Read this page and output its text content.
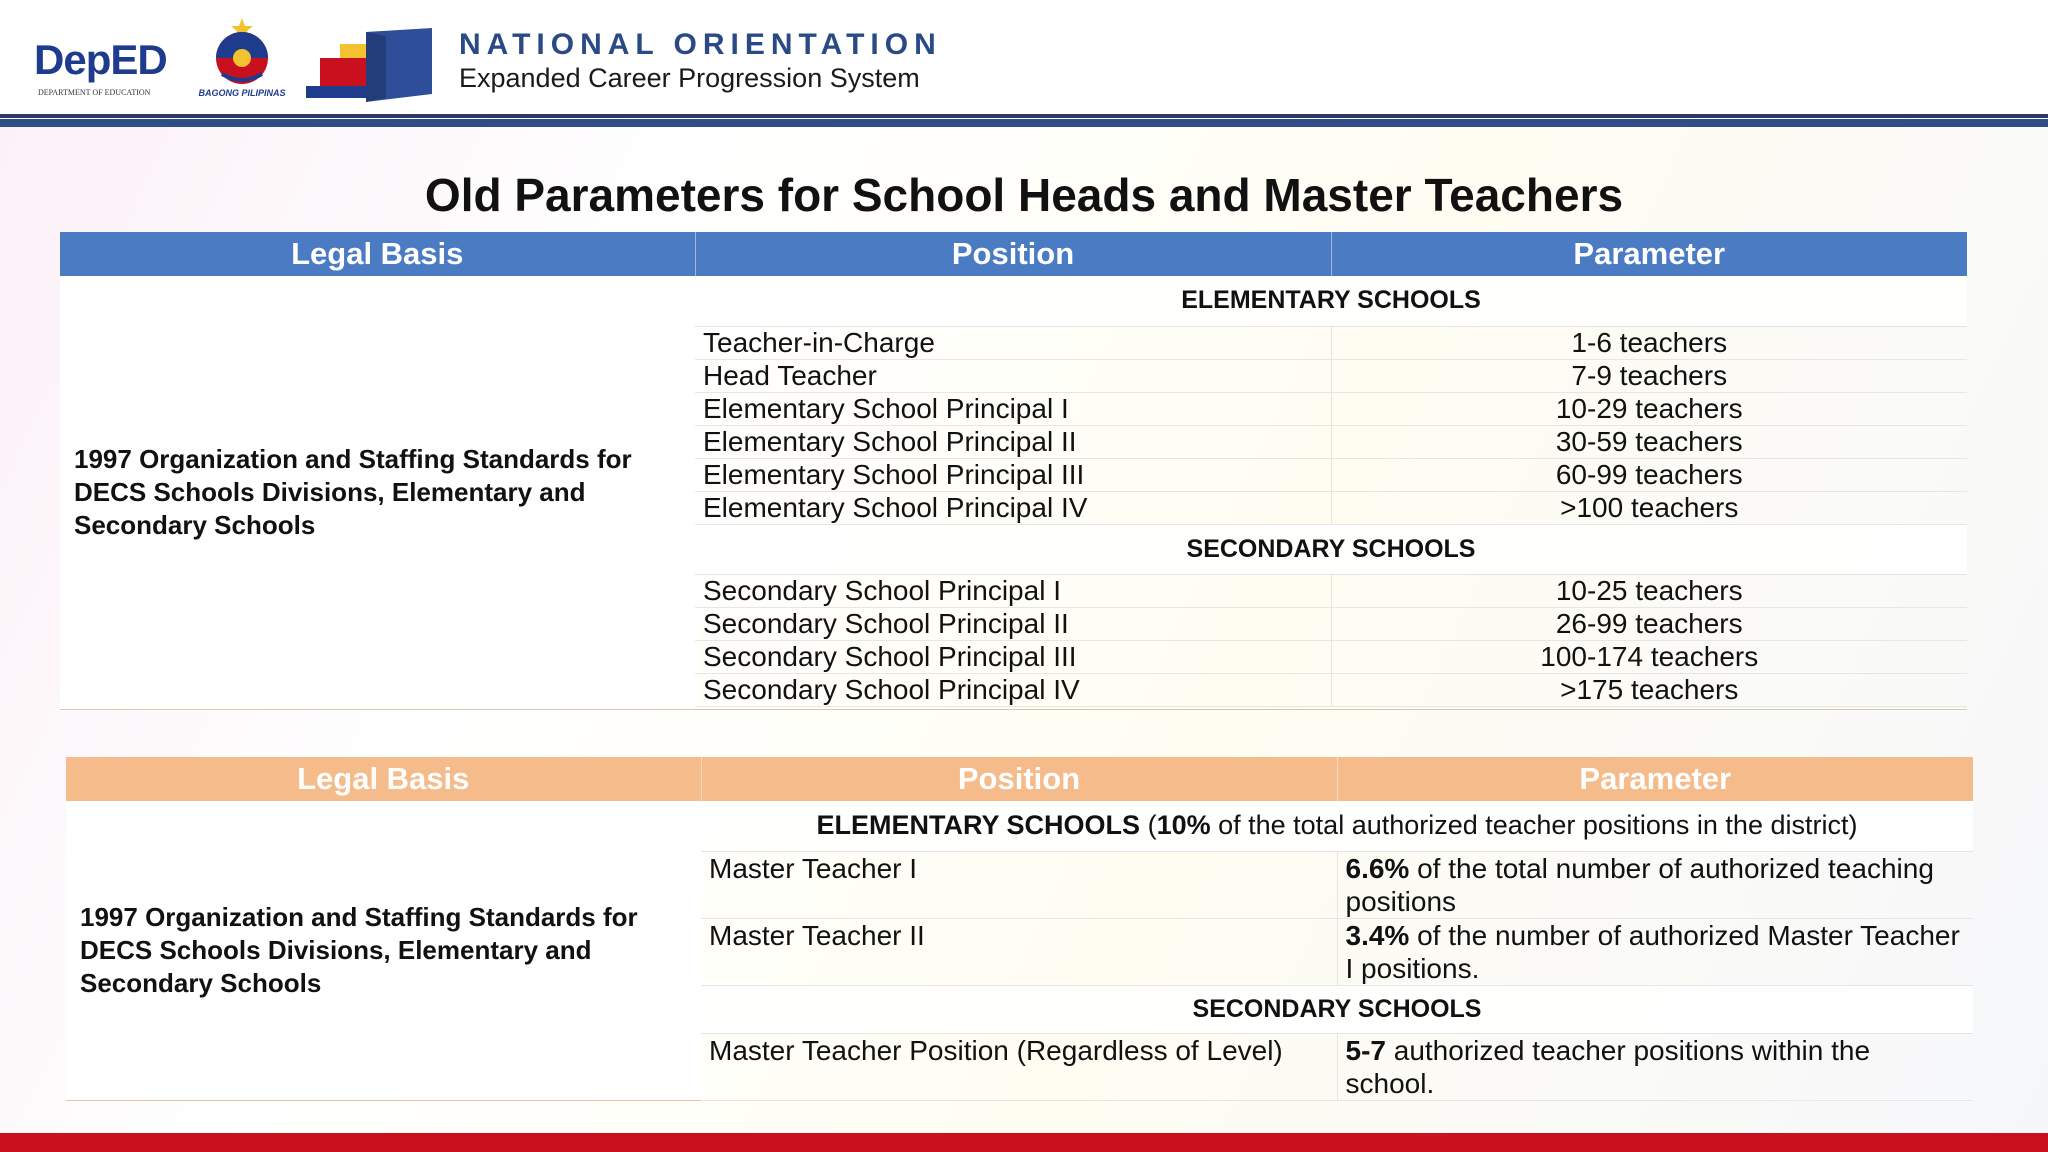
DepED
DEPARTMENT OF EDUCATION	BAGONG PILIPINAS
NATIONAL ORIENTATION
Expanded Career Progression System
Old Parameters for School Heads and Master Teachers
Legal Basis	Position	Parameter
1997 Organization and Staffing Standards for DECS Schools Divisions, Elementary and Secondary Schools	ELEMENTARY SCHOOLS	
	Teacher-in-Charge	1-6 teachers
	Head Teacher	7-9 teachers
	Elementary School Principal I	10-29 teachers
	Elementary School Principal II	30-59 teachers
	Elementary School Principal III	60-99 teachers
	Elementary School Principal IV	>100 teachers
	SECONDARY SCHOOLS	
	Secondary School Principal I	10-25 teachers
	Secondary School Principal II	26-99 teachers
	Secondary School Principal III	100-174 teachers
	Secondary School Principal IV	>175 teachers

Legal Basis	Position	Parameter
1997 Organization and Staffing Standards for DECS Schools Divisions, Elementary and Secondary Schools	ELEMENTARY SCHOOLS (10% of the total authorized teacher positions in the district)	
	Master Teacher I	6.6% of the total number of authorized teaching positions
	Master Teacher II	3.4% of the number of authorized Master Teacher I positions.
	SECONDARY SCHOOLS	
	Master Teacher Position (Regardless of Level)	5-7 authorized teacher positions within the school.
